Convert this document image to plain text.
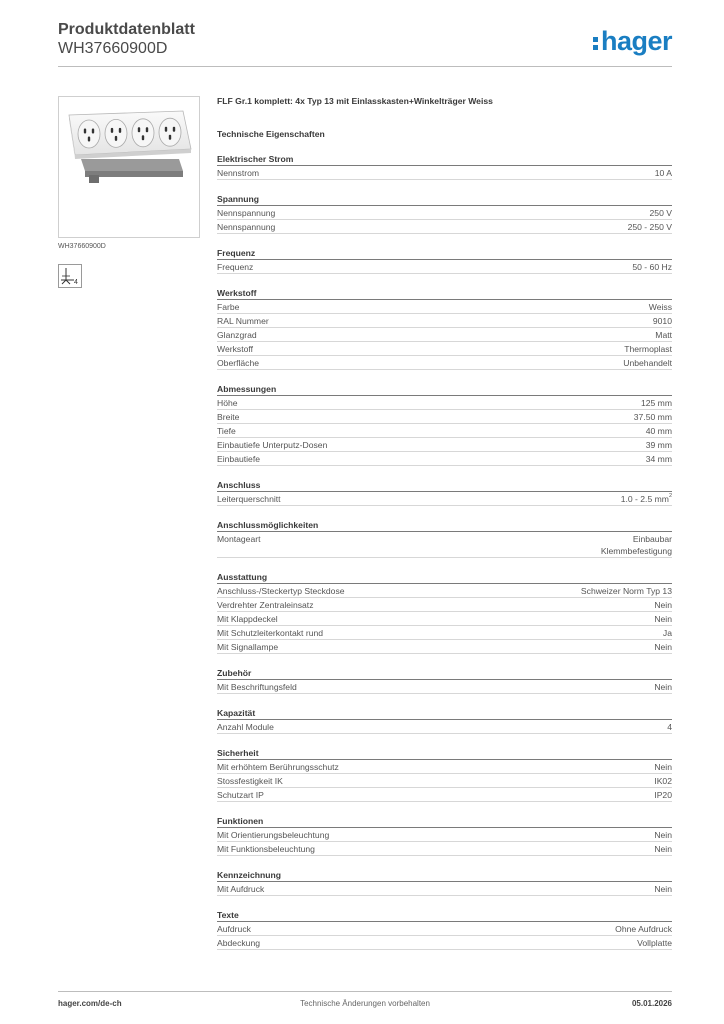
Produktdatenblatt
WH37660900D	hager
WH37660900D
4
FLF Gr.1 komplett: 4x Typ 13 mit Einlasskasten+Winkelträger Weiss
Technische Eigenschaften
Elektrischer Strom
Nennstrom	10 A
Spannung
Nennspannung	250 V
Nennspannung	250 - 250 V
Frequenz
Frequenz	50 - 60 Hz
Werkstoff
Farbe	Weiss
RAL Nummer	9010
Glanzgrad	Matt
Werkstoff	Thermoplast
Oberfläche	Unbehandelt
Abmessungen
Höhe	125 mm
Breite	37.50 mm
Tiefe	40 mm
Einbautiefe Unterputz-Dosen	39 mm
Einbautiefe	34 mm
Anschluss
Leiterquerschnitt	1.0 - 2.5 $mm^2$
Anschlussmöglichkeiten
Montageart	Einbaubar
Klemmbefestigung
Ausstattung
Anschluss-/Steckertyp Steckdose	Schweizer Norm Typ 13
Verdrehter Zentraleinsatz	Nein
Mit Klappdeckel	Nein
Mit Schutzleiterkontakt rund	Ja
Mit Signallampe	Nein
Zubehör
Mit Beschriftungsfeld	Nein
Kapazität
Anzahl Module	4
Sicherheit
Mit erhöhtem Berührungsschutz	Nein
Stossfestigkeit IK	IK02
Schutzart IP	IP20
Funktionen
Mit Orientierungsbeleuchtung	Nein
Mit Funktionsbeleuchtung	Nein
Kennzeichnung
Mit Aufdruck	Nein
Texte
Aufdruck	Ohne Aufdruck
Abdeckung	Vollplatte
hager.com/de-ch	Technische Änderungen vorbehalten	05.01.2026
